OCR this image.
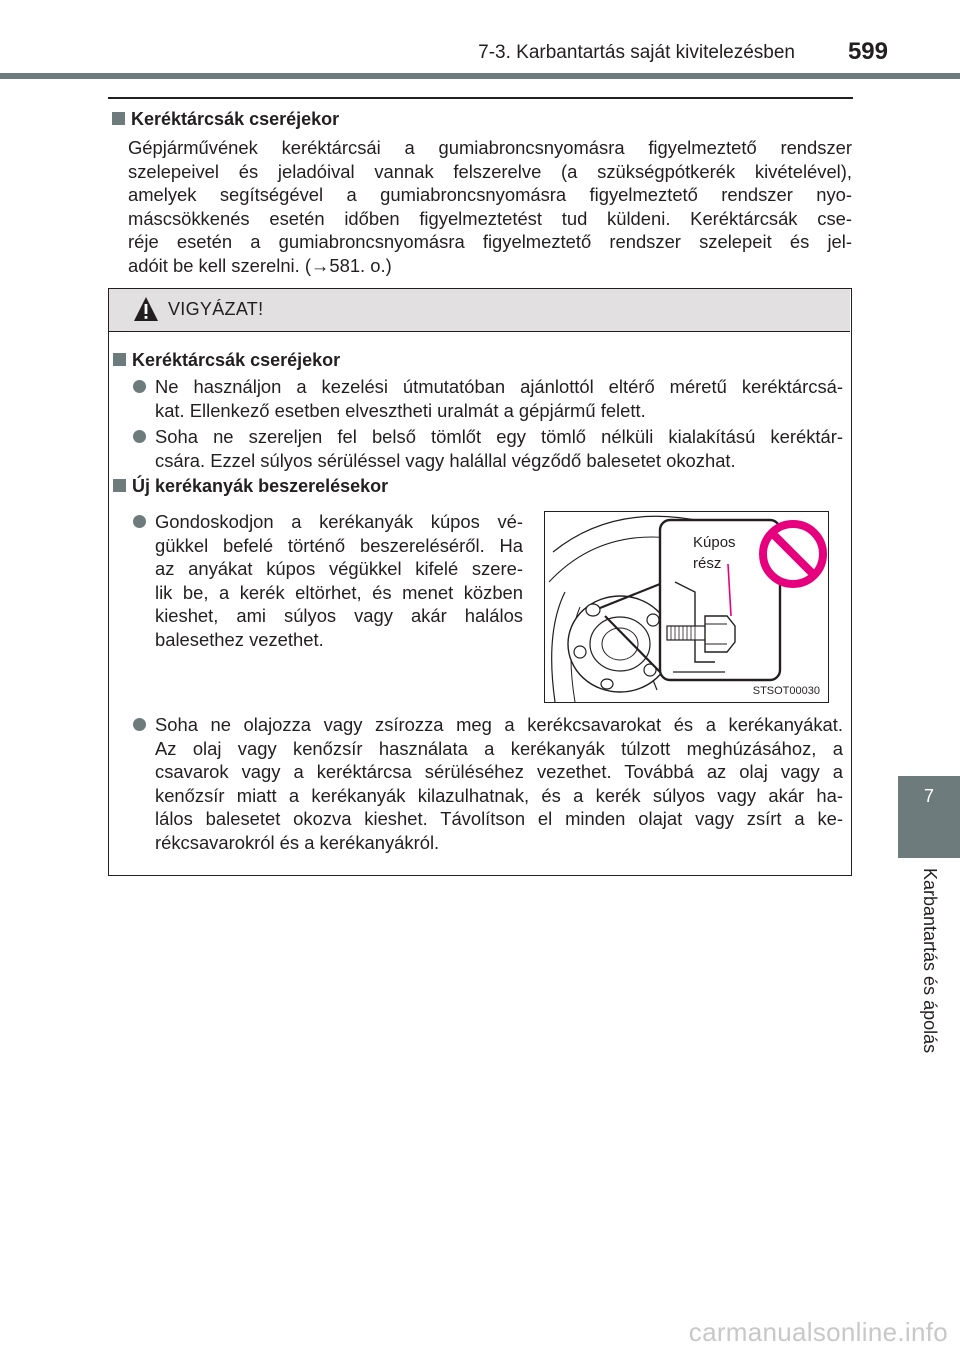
7-3. Karbantartás saját kivitelezésben 599
7
Karbantartás és ápolás
Keréktárcsák cseréjekor
Gépjárművének keréktárcsái a gumiabroncsnyomásra figyelmeztető rendszer
szelepeivel és jeladóival vannak felszerelve (a szükségpótkerék kivételével),
amelyek segítségével a gumiabroncsnyomásra figyelmeztető rendszer nyo-
máscsökkenés esetén időben figyelmeztetést tud küldeni. Keréktárcsák cse-
réje esetén a gumiabroncsnyomásra figyelmeztető rendszer szelepeit és jel-
adóit be kell szerelni. (→581. o.)
VIGYÁZAT!
Keréktárcsák cseréjekor
Ne használjon a kezelési útmutatóban ajánlottól eltérő méretű keréktárcsá-
kat. Ellenkező esetben elvesztheti uralmát a gépjármű felett.
Soha ne szereljen fel belső tömlőt egy tömlő nélküli kialakítású keréktár-
csára. Ezzel súlyos sérüléssel vagy halállal végződő balesetet okozhat.
Új kerékanyák beszerelésekor
Gondoskodjon a kerékanyák kúpos vé-
gükkel befelé történő beszereléséről. Ha
az anyákat kúpos végükkel kifelé szere-
lik be, a kerék eltörhet, és menet közben
kieshet, ami súlyos vagy akár halálos
balesethez vezethet.
Kúpos
rész
STSOT00030
Soha ne olajozza vagy zsírozza meg a kerékcsavarokat és a kerékanyákat.
Az olaj vagy kenőzsír használata a kerékanyák túlzott meghúzásához, a
csavarok vagy a keréktárcsa sérüléséhez vezethet. Továbbá az olaj vagy a
kenőzsír miatt a kerékanyák kilazulhatnak, és a kerék súlyos vagy akár ha-
lálos balesetet okozva kieshet. Távolítson el minden olajat vagy zsírt a ke-
rékcsavarokról és a kerékanyákról.
carmanualsonline.info
